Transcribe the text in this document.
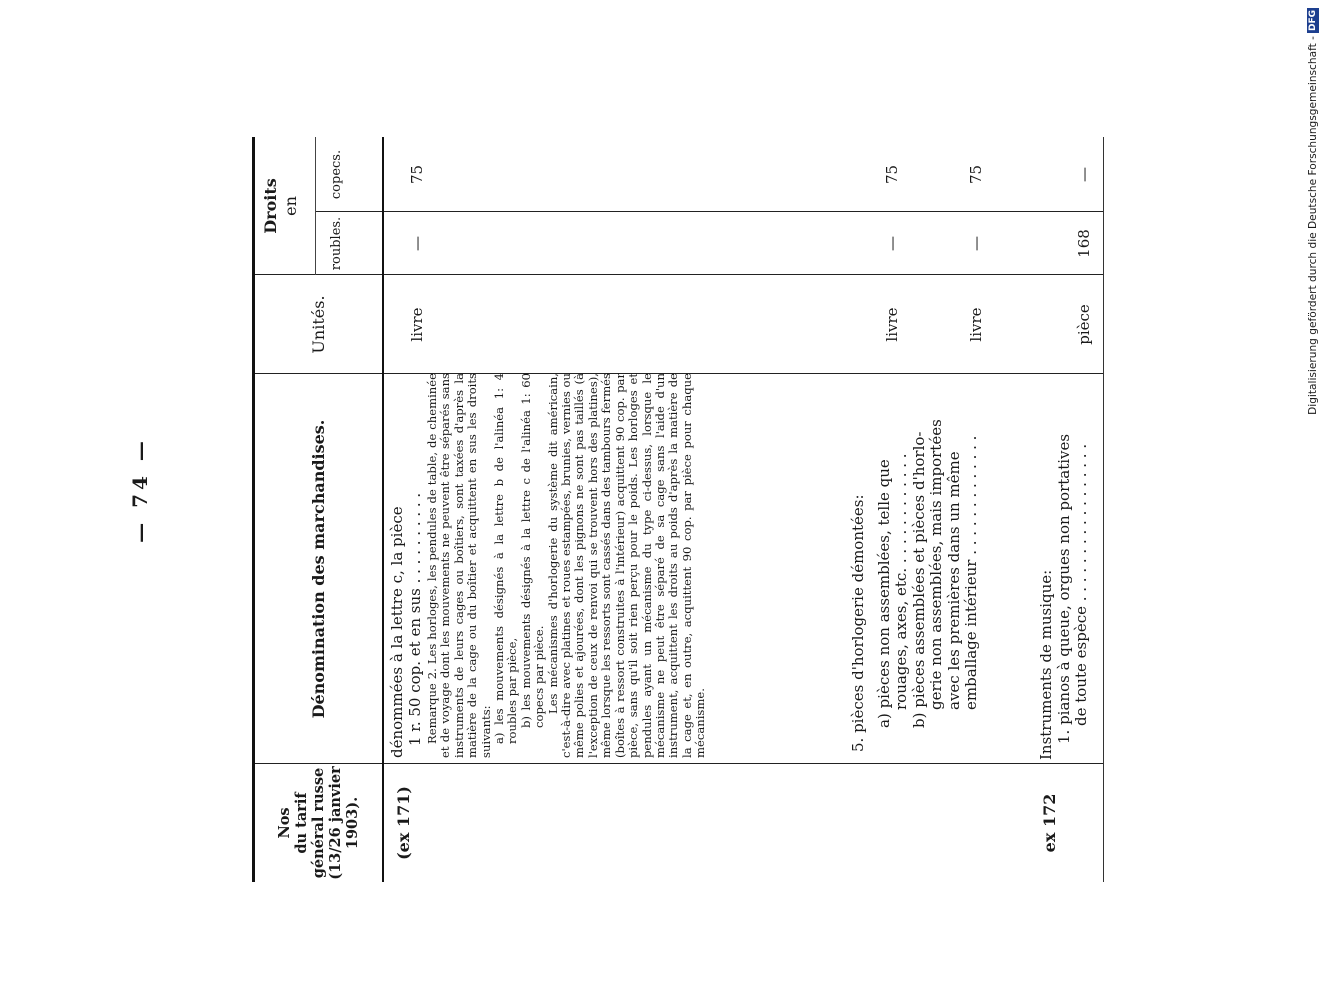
— 74 —
Nos du tarif général russe (13/26 janvier 1903).
Dénomination des marchandises.
Unités.
Droits en
roubles.
copecs.
(ex 171)

dénommées à la lettre c, la pièce 1 r. 50 cop. et en sus . . . . . . . . . . Remarque 2. Les horloges, les pendules de table, de cheminée et de voyage dont les mouvements ne peuvent être séparés sans instruments de leurs cages ou boîtiers, sont taxées d'après la matière de la cage ou du boîtier et acquittent en sus les droits suivants: a) les mouvements désignés à la lettre b de l'alinéa 1: 4 roubles par pièce, b) les mouvements désignés à la lettre c de l'alinéa 1: 60 copecs par pièce. Les mécanismes d'horlogerie du système dit américain, c'est-à-dire avec platines et roues estampées, brunies, vernies ou même polies et ajourées, dont les pignons ne sont pas taillés (à l'exception de ceux de renvoi qui se trouvent hors des platines), même lorsque les ressorts sont cassés dans des tambours fermés (boîtes à ressort construites à l'intérieur) acquittent 90 cop. par pièce, sans qu'il soit rien perçu pour le poids. Les horloges et pendules ayant un mécanisme du type ci-dessus, lorsque le mécanisme ne peut être séparé de sa cage sans l'aide d'un instrument, acquittent les droits au poids d'après la matière de la cage et, en outre, acquittent 90 cop. par pièce pour chaque mécanisme.

livre
—
75

5. pièces d'horlogerie démontées: a) pièces non assemblées, telle que rouages, axes, etc. . . . . . . . . . . . . b) pièces assemblées et pièces d'horlo- gerie non assemblées, mais importées avec les premières dans un même emballage intérieur . . . . . . . . . . . . .

livre
—
75
livre
—
75
ex 172

Instruments de musique: 1. pianos à queue, orgues non portatives de toute espèce . . . . . . . . . . . . . . . . .

pièce
168
—	Digitalisierung gefördert durch die Deutsche Forschungsgemeinschaft -
DFG
